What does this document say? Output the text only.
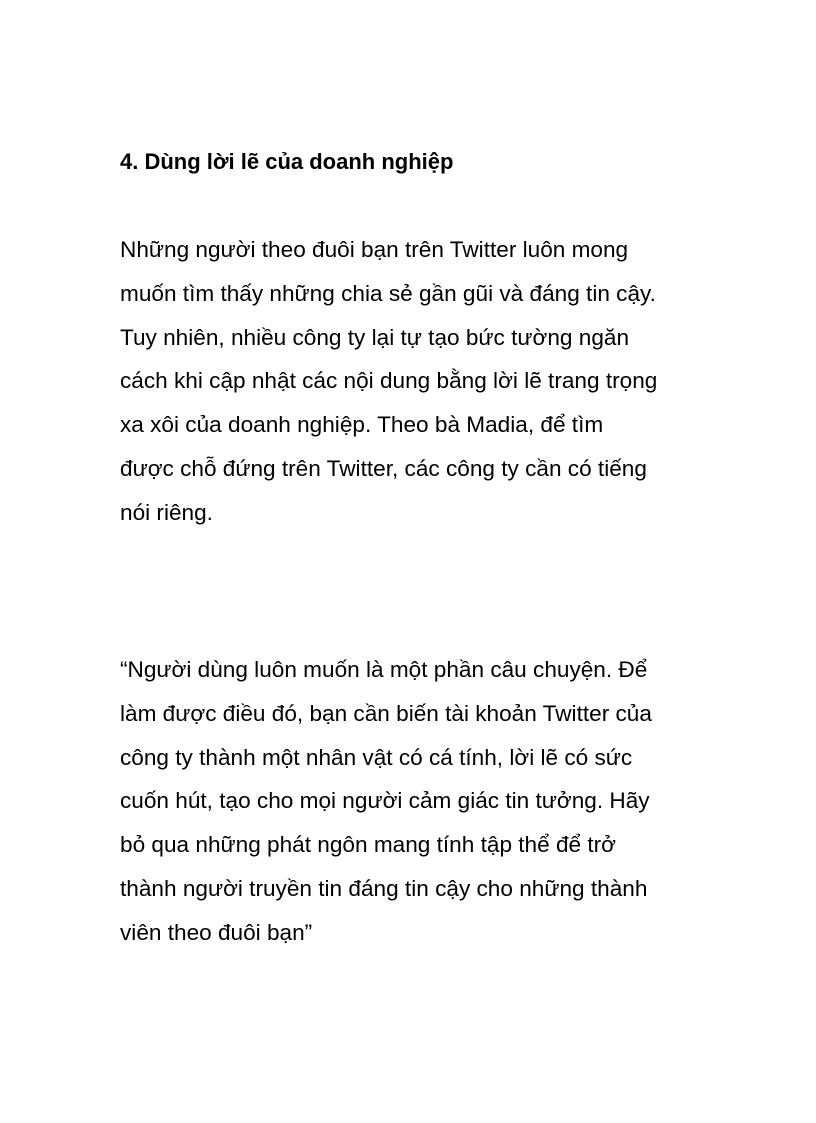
4. Dùng lời lẽ của doanh nghiệp

Những người theo đuôi bạn trên Twitter luôn mong
muốn tìm thấy những chia sẻ gần gũi và đáng tin cậy.
Tuy nhiên, nhiều công ty lại tự tạo bức tường ngăn
cách khi cập nhật các nội dung bằng lời lẽ trang trọng
xa xôi của doanh nghiệp. Theo bà Madia, để tìm
được chỗ đứng trên Twitter, các công ty cần có tiếng
nói riêng.

“Người dùng luôn muốn là một phần câu chuyện. Để
làm được điều đó, bạn cần biến tài khoản Twitter của
công ty thành một nhân vật có cá tính, lời lẽ có sức
cuốn hút, tạo cho mọi người cảm giác tin tưởng. Hãy
bỏ qua những phát ngôn mang tính tập thể để trở
thành người truyền tin đáng tin cậy cho những thành
viên theo đuôi bạn”
